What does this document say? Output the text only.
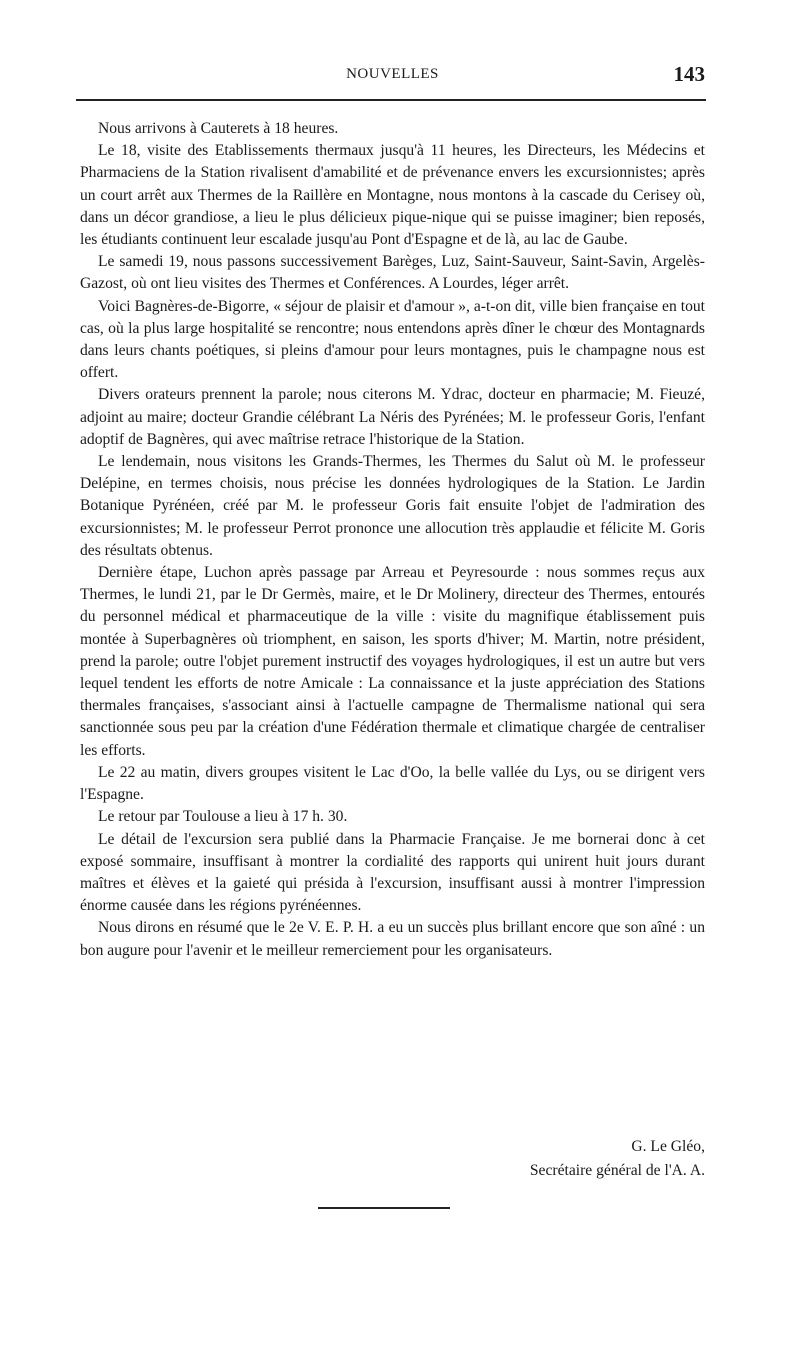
NOUVELLES	143

Nous arrivons à Cauterets à 18 heures.

Le 18, visite des Etablissements thermaux jusqu'à 11 heures, les Directeurs, les Médecins et Pharmaciens de la Station rivalisent d'amabilité et de prévenance envers les excursionnistes; après un court arrêt aux Thermes de la Raillère en Montagne, nous montons à la cascade du Cerisey où, dans un décor grandiose, a lieu le plus délicieux pique-nique qui se puisse imaginer; bien reposés, les étudiants continuent leur escalade jusqu'au Pont d'Espagne et de là, au lac de Gaube.

Le samedi 19, nous passons successivement Barèges, Luz, Saint-Sauveur, Saint-Savin, Argelès-Gazost, où ont lieu visites des Thermes et Conférences. A Lourdes, léger arrêt.

Voici Bagnères-de-Bigorre, « séjour de plaisir et d'amour », a-t-on dit, ville bien française en tout cas, où la plus large hospitalité se rencontre; nous entendons après dîner le chœur des Montagnards dans leurs chants poétiques, si pleins d'amour pour leurs montagnes, puis le champagne nous est offert.

Divers orateurs prennent la parole; nous citerons M. Ydrac, docteur en pharmacie; M. Fieuzé, adjoint au maire; docteur Grandie célébrant La Néris des Pyrénées; M. le professeur Goris, l'enfant adoptif de Bagnères, qui avec maîtrise retrace l'historique de la Station.

Le lendemain, nous visitons les Grands-Thermes, les Thermes du Salut où M. le professeur Delépine, en termes choisis, nous précise les données hydrologiques de la Station. Le Jardin Botanique Pyrénéen, créé par M. le professeur Goris fait ensuite l'objet de l'admiration des excursionnistes; M. le professeur Perrot prononce une allocution très applaudie et félicite M. Goris des résultats obtenus.

Dernière étape, Luchon après passage par Arreau et Peyresourde : nous sommes reçus aux Thermes, le lundi 21, par le Dr Germès, maire, et le Dr Molinery, directeur des Thermes, entourés du personnel médical et pharmaceutique de la ville : visite du magnifique établissement puis montée à Superbagnères où triomphent, en saison, les sports d'hiver; M. Martin, notre président, prend la parole; outre l'objet purement instructif des voyages hydrologiques, il est un autre but vers lequel tendent les efforts de notre Amicale : La connaissance et la juste appréciation des Stations thermales françaises, s'associant ainsi à l'actuelle campagne de Thermalisme national qui sera sanctionnée sous peu par la création d'une Fédération thermale et climatique chargée de centraliser les efforts.

Le 22 au matin, divers groupes visitent le Lac d'Oo, la belle vallée du Lys, ou se dirigent vers l'Espagne.

Le retour par Toulouse a lieu à 17 h. 30.

Le détail de l'excursion sera publié dans la Pharmacie Française. Je me bornerai donc à cet exposé sommaire, insuffisant à montrer la cordialité des rapports qui unirent huit jours durant maîtres et élèves et la gaieté qui présida à l'excursion, insuffisant aussi à montrer l'impression énorme causée dans les régions pyrénéennes.

Nous dirons en résumé que le 2e V. E. P. H. a eu un succès plus brillant encore que son aîné : un bon augure pour l'avenir et le meilleur remerciement pour les organisateurs.

G. Le Gléo,
Secrétaire général de l'A. A.
